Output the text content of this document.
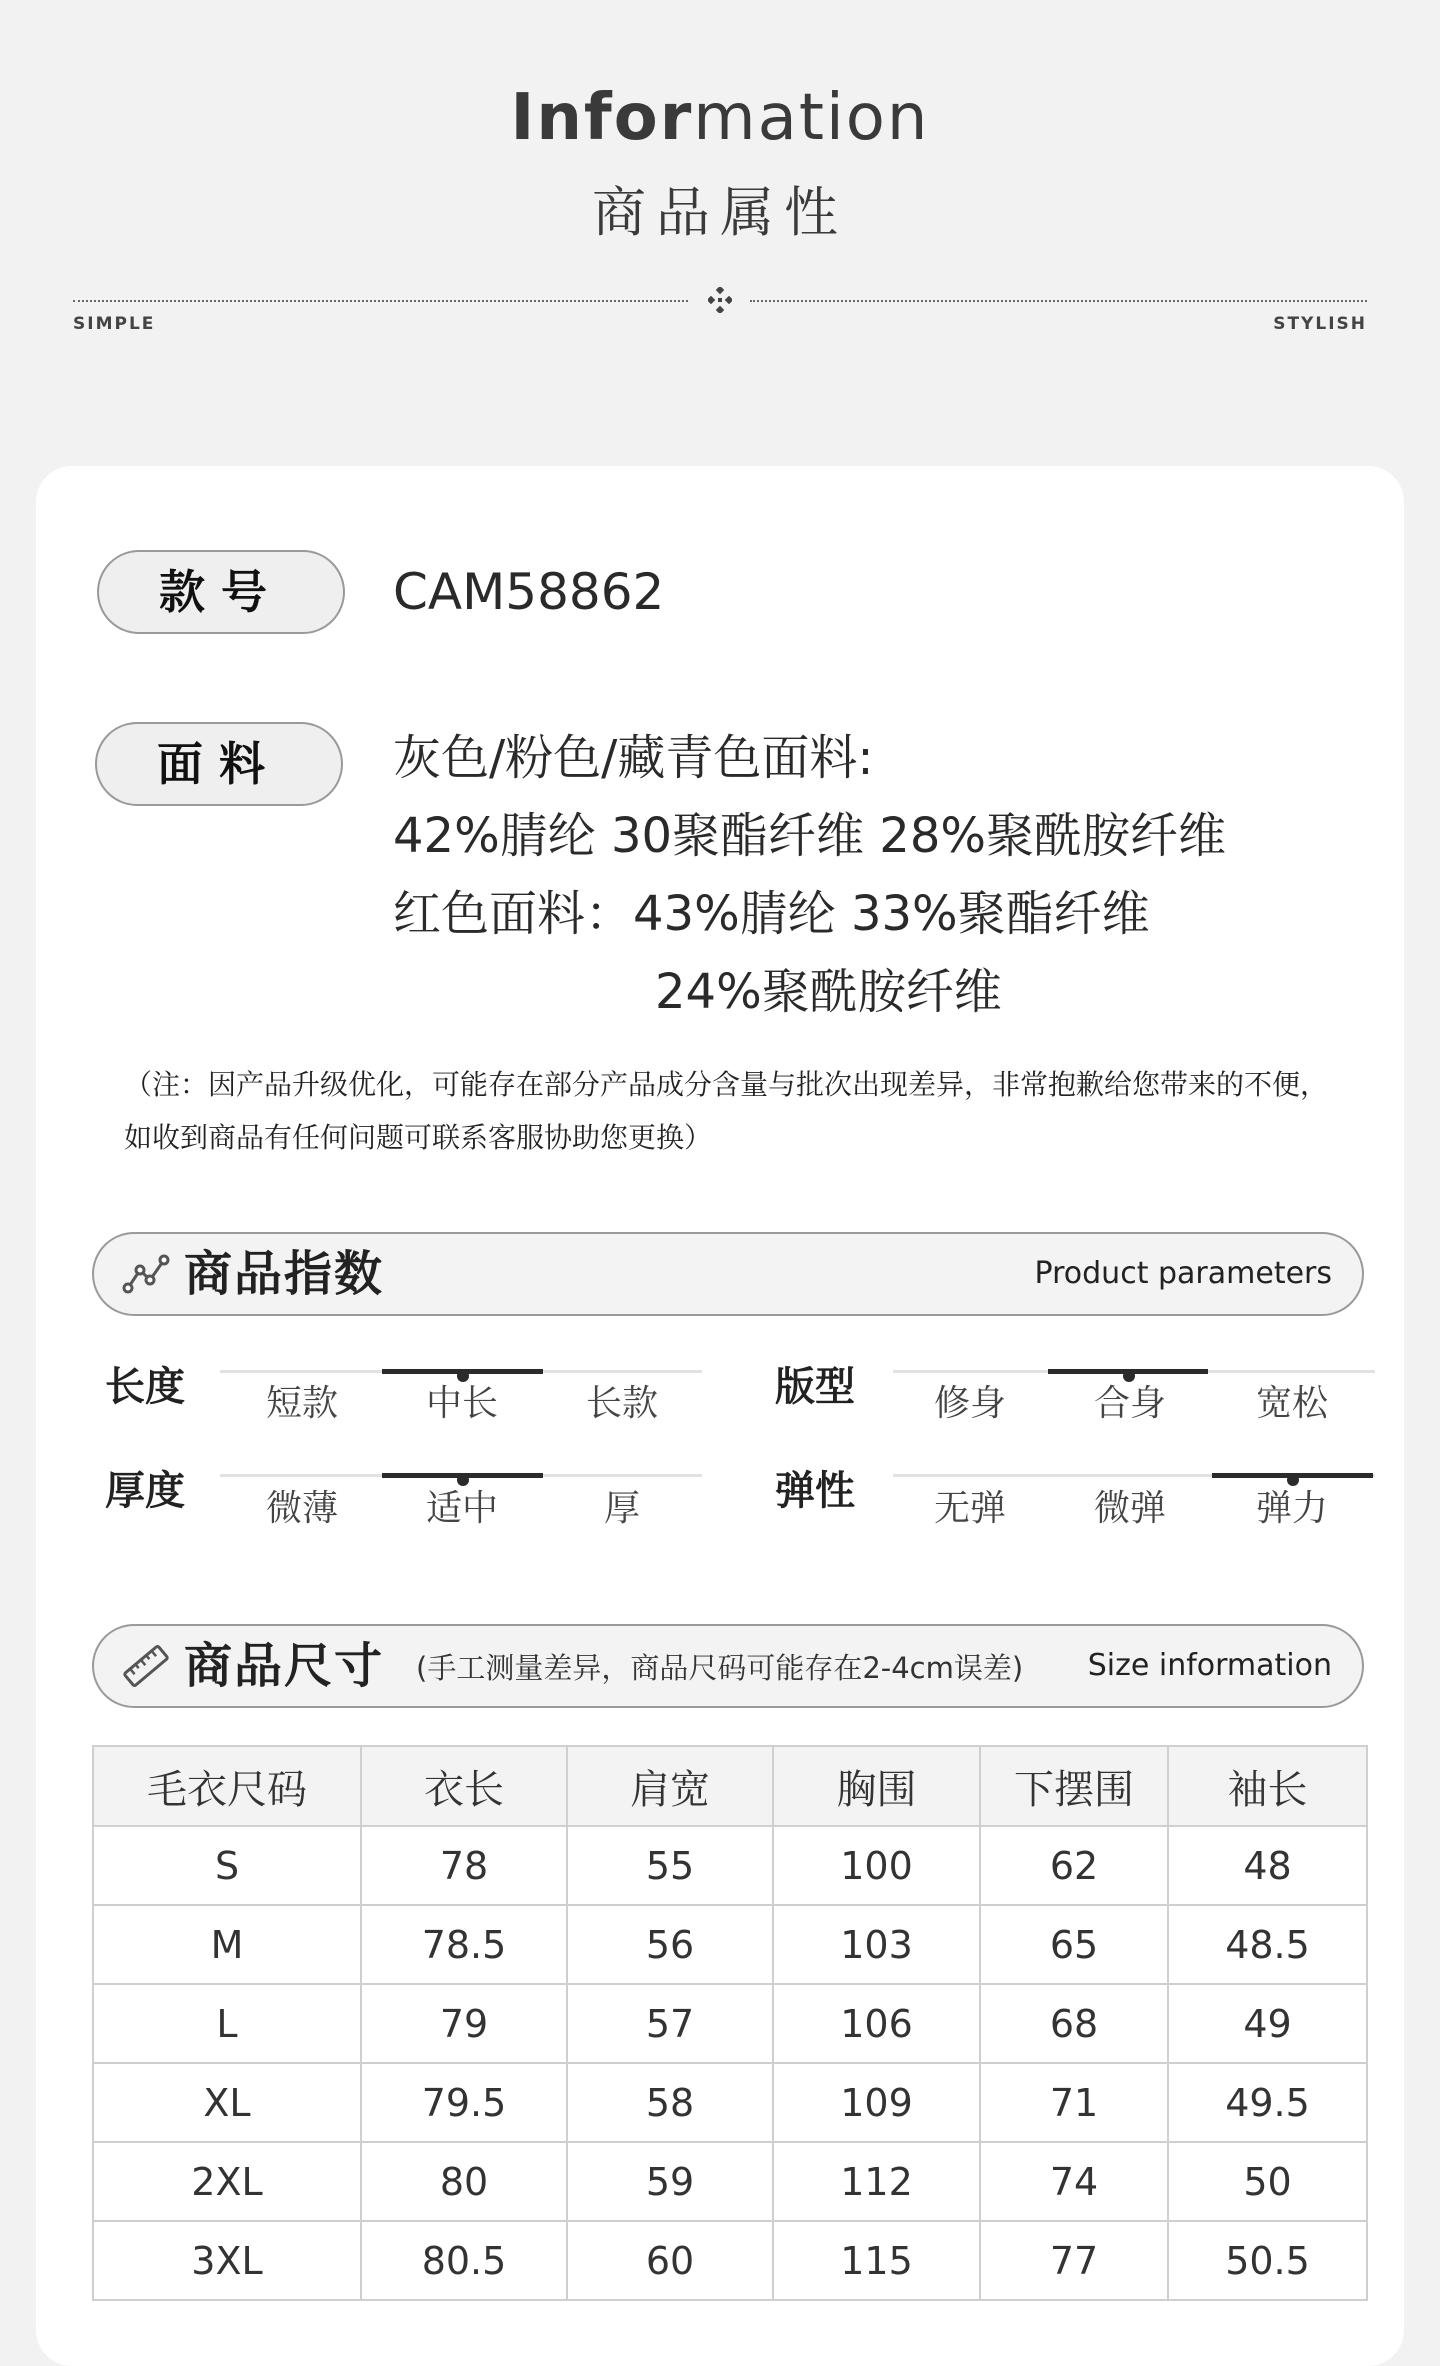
Information
商品属性
SIMPLE	STYLISH
款号	CAM58862
面料	灰色/粉色/藏青色面料:
42%腈纶 30聚酯纤维 28%聚酰胺纤维
红色面料：43%腈纶 33%聚酯纤维
24%聚酰胺纤维
（注：因产品升级优化，可能存在部分产品成分含量与批次出现差异，非常抱歉给您带来的不便，
如收到商品有任何问题可联系客服协助您更换）
商品指数	Product parameters
长度	短款	中长	长款	版型	修身	合身	宽松
厚度	微薄	适中	厚	弹性	无弹	微弹	弹力
商品尺寸 (手工测量差异，商品尺码可能存在2-4cm误差) Size information
毛衣尺码	衣长	肩宽	胸围	下摆围	袖长
S	78	55	100	62	48
M	78.5	56	103	65	48.5
L	79	57	106	68	49
XL	79.5	58	109	71	49.5
2XL	80	59	112	74	50
3XL	80.5	60	115	77	50.5
